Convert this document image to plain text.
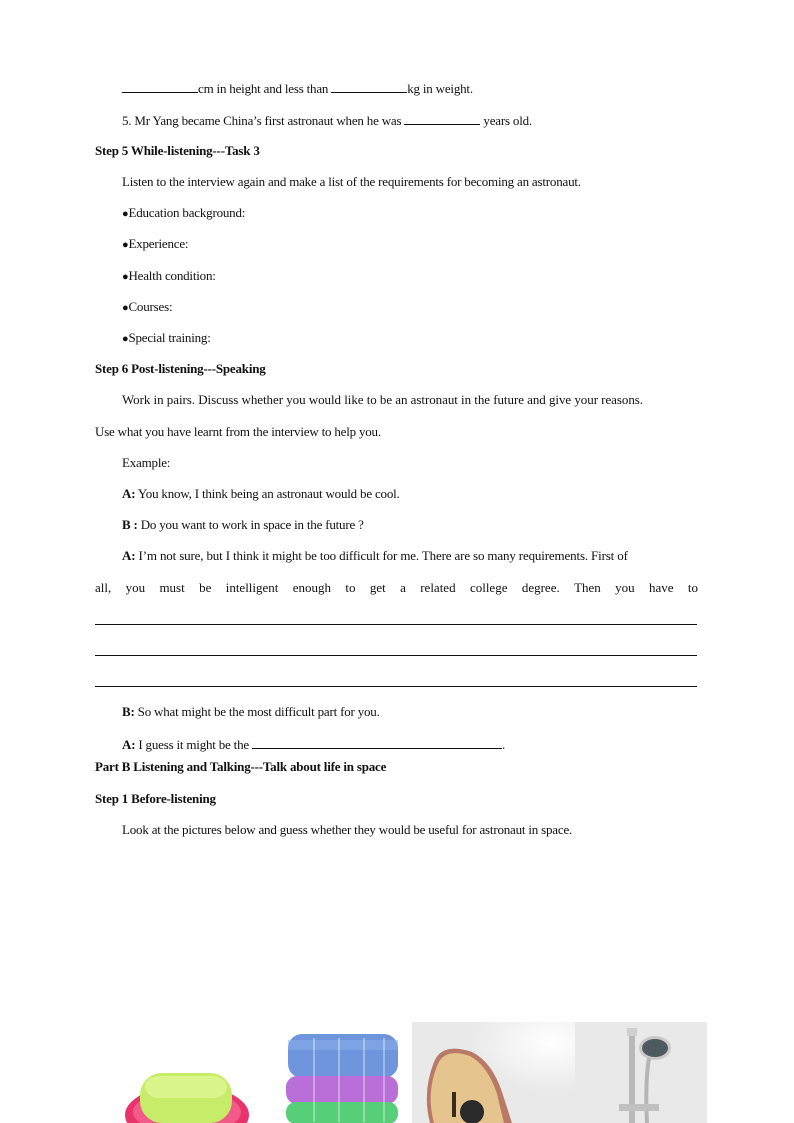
cm in height and less than	kg in weight.
5. Mr Yang became China’s first astronaut when he was	years old.
Step 5 While-listening---Task 3
Listen to the interview again and make a list of the requirements for becoming an astronaut.
●Education background:
●Experience:
●Health condition:
●Courses:
●Special training:
Step 6 Post-listening---Speaking
Work in pairs. Discuss whether you would like to be an astronaut in the future and give your reasons.
Use what you have learnt from the interview to help you.
Example:
A: You know, I think being an astronaut would be cool.
B : Do you want to work in space in the future ?
A: I’m not sure, but I think it might be too difficult for me. There are so many requirements. First of
all, you must be intelligent enough to get a related college degree. Then you have to
B: So what might be the most difficult part for you.
A: I guess it might be the	.
Part B Listening and Talking---Talk about life in space
Step 1 Before-listening
Look at the pictures below and guess whether they would be useful for astronaut in space.
